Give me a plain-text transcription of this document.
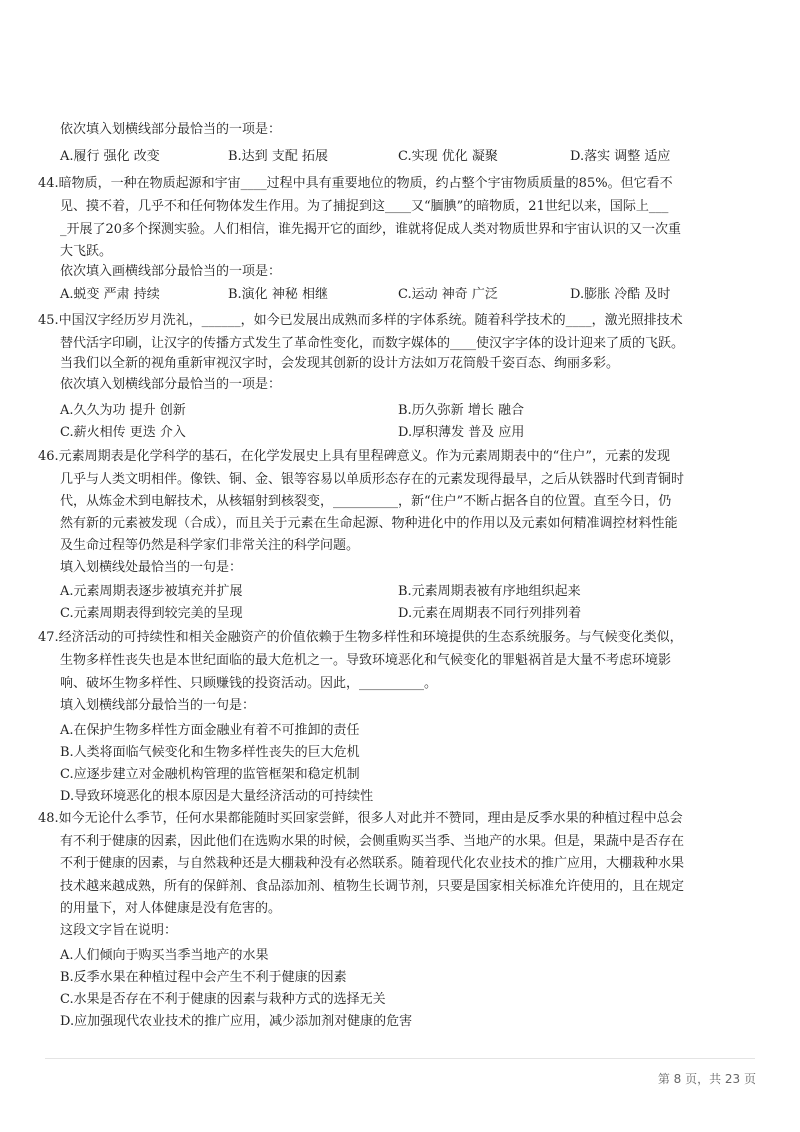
依次填入划横线部分最恰当的一项是：
A.履行 强化 改变	B.达到 支配 拓展	C.实现 优化 凝聚	D.落实 调整 适应
44.暗物质，一种在物质起源和宇宙____过程中具有重要地位的物质，约占整个宇宙物质质量的85%。但它看不
见、摸不着，几乎不和任何物体发生作用。为了捕捉到这____又“腼腆”的暗物质，21世纪以来，国际上___
_开展了20多个探测实验。人们相信，谁先揭开它的面纱，谁就将促成人类对物质世界和宇宙认识的又一次重
大飞跃。
依次填入画横线部分最恰当的一项是：
A.蜕变 严肃 持续	B.演化 神秘 相继	C.运动 神奇 广泛	D.膨胀 冷酷 及时
45.中国汉字经历岁月洗礼，______，如今已发展出成熟而多样的字体系统。随着科学技术的____，激光照排技术
替代活字印刷，让汉字的传播方式发生了革命性变化，而数字媒体的____使汉字字体的设计迎来了质的飞跃。
当我们以全新的视角重新审视汉字时，会发现其创新的设计方法如万花筒般千姿百态、绚丽多彩。
依次填入划横线部分最恰当的一项是：
A.久久为功 提升 创新	B.历久弥新 增长 融合
C.薪火相传 更迭 介入	D.厚积薄发 普及 应用
46.元素周期表是化学科学的基石，在化学发展史上具有里程碑意义。作为元素周期表中的“住户”，元素的发现
几乎与人类文明相伴。像铁、铜、金、银等容易以单质形态存在的元素发现得最早，之后从铁器时代到青铜时
代，从炼金术到电解技术，从核辐射到核裂变，__________，新“住户”不断占据各自的位置。直至今日，仍
然有新的元素被发现（合成），而且关于元素在生命起源、物种进化中的作用以及元素如何精准调控材料性能
及生命过程等仍然是科学家们非常关注的科学问题。
填入划横线处最恰当的一句是：
A.元素周期表逐步被填充并扩展	B.元素周期表被有序地组织起来
C.元素周期表得到较完美的呈现	D.元素在周期表不同行列排列着
47.经济活动的可持续性和相关金融资产的价值依赖于生物多样性和环境提供的生态系统服务。与气候变化类似，
生物多样性丧失也是本世纪面临的最大危机之一。导致环境恶化和气候变化的罪魁祸首是大量不考虑环境影
响、破坏生物多样性、只顾赚钱的投资活动。因此，__________。
填入划横线部分最恰当的一句是：
A.在保护生物多样性方面金融业有着不可推卸的责任
B.人类将面临气候变化和生物多样性丧失的巨大危机
C.应逐步建立对金融机构管理的监管框架和稳定机制
D.导致环境恶化的根本原因是大量经济活动的可持续性
48.如今无论什么季节，任何水果都能随时买回家尝鲜，很多人对此并不赞同，理由是反季水果的种植过程中总会
有不利于健康的因素，因此他们在选购水果的时候，会侧重购买当季、当地产的水果。但是，果蔬中是否存在
不利于健康的因素，与自然栽种还是大棚栽种没有必然联系。随着现代化农业技术的推广应用，大棚栽种水果
技术越来越成熟，所有的保鲜剂、食品添加剂、植物生长调节剂，只要是国家相关标准允许使用的，且在规定
的用量下，对人体健康是没有危害的。
这段文字旨在说明：
A.人们倾向于购买当季当地产的水果
B.反季水果在种植过程中会产生不利于健康的因素
C.水果是否存在不利于健康的因素与栽种方式的选择无关
D.应加强现代农业技术的推广应用，减少添加剂对健康的危害
第 8 页，共 23 页
